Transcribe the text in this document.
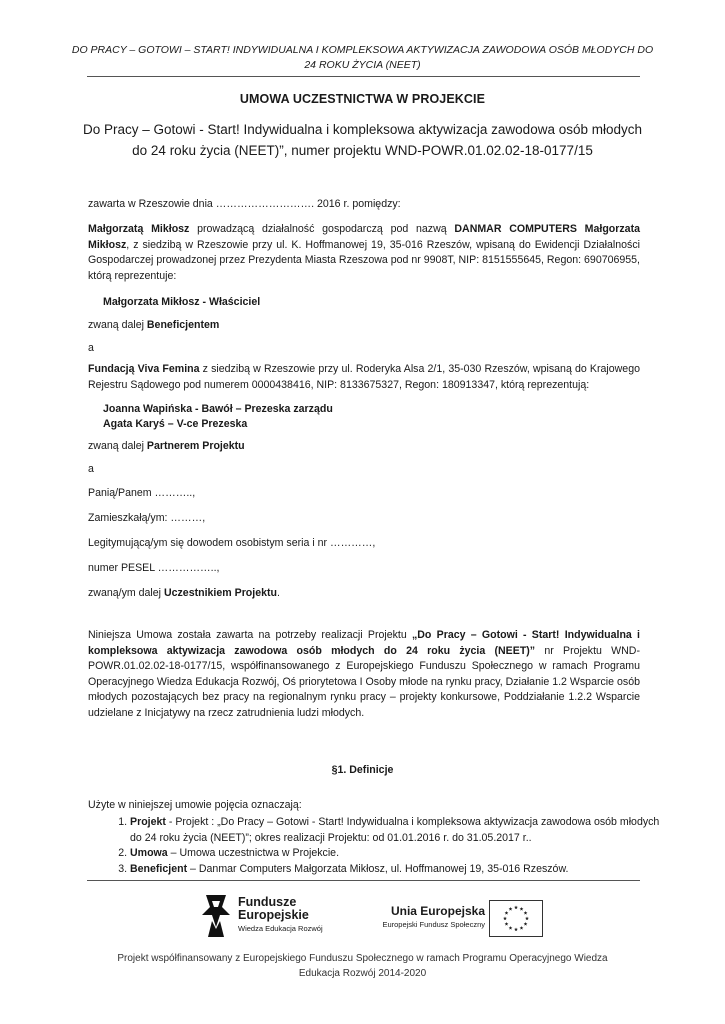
DO PRACY – GOTOWI – START! INDYWIDUALNA I KOMPLEKSOWA AKTYWIZACJA ZAWODOWA OSÓB MŁODYCH DO
24 ROKU ŻYCIA (NEET)
UMOWA UCZESTNICTWA W PROJEKCIE
Do Pracy – Gotowi - Start! Indywidualna i kompleksowa aktywizacja zawodowa osób młodych
do 24 roku życia (NEET)”, numer projektu WND-POWR.01.02.02-18-0177/15
zawarta w Rzeszowie dnia ………………………. 2016 r. pomiędzy:
Małgorzatą Mikłosz prowadzącą działalność gospodarczą pod nazwą DANMAR COMPUTERS Małgorzata Mikłosz, z siedzibą w Rzeszowie przy ul. K. Hoffmanowej 19, 35-016 Rzeszów, wpisaną do Ewidencji Działalności Gospodarczej prowadzonej przez Prezydenta Miasta Rzeszowa pod nr 9908T, NIP: 8151555645, Regon: 690706955, którą reprezentuje:
Małgorzata Mikłosz - Właściciel
zwaną dalej Beneficjentem
a
Fundacją Viva Femina z siedzibą w Rzeszowie przy ul. Roderyka Alsa 2/1, 35-030 Rzeszów, wpisaną do Krajowego Rejestru Sądowego pod numerem 0000438416, NIP: 8133675327, Regon: 180913347, którą reprezentują:
Joanna Wapińska - Bawół – Prezeska zarządu
Agata Karyś – V-ce Prezeska
zwaną dalej Partnerem Projektu
a
Panią/Panem ………..,
Zamieszkałą/ym: ………,
Legitymującą/ym się dowodem osobistym seria i nr …………,
numer PESEL ……………..,
zwaną/ym dalej Uczestnikiem Projektu.
Niniejsza Umowa została zawarta na potrzeby realizacji Projektu „Do Pracy – Gotowi - Start! Indywidualna i kompleksowa aktywizacja zawodowa osób młodych do 24 roku życia (NEET)” nr Projektu WND-POWR.01.02.02-18-0177/15, współfinansowanego z Europejskiego Funduszu Społecznego w ramach Programu Operacyjnego Wiedza Edukacja Rozwój, Oś priorytetowa I Osoby młode na rynku pracy, Działanie 1.2 Wsparcie osób młodych pozostających bez pracy na regionalnym rynku pracy – projekty konkursowe, Poddziałanie 1.2.2 Wsparcie udzielane z Inicjatywy na rzecz zatrudnienia ludzi młodych.
§1. Definicje
Użyte w niniejszej umowie pojęcia oznaczają:
1. Projekt - Projekt : „Do Pracy – Gotowi - Start! Indywidualna i kompleksowa aktywizacja zawodowa osób młodych do 24 roku życia (NEET)”; okres realizacji Projektu: od 01.01.2016 r. do 31.05.2017 r..
2. Umowa – Umowa uczestnictwa w Projekcie.
3. Beneficjent – Danmar Computers Małgorzata Mikłosz, ul. Hoffmanowej 19, 35-016 Rzeszów.
Fundusze
Europejskie
Wiedza Edukacja Rozwój
Unia Europejska
Europejski Fundusz Społeczny
Projekt współfinansowany z Europejskiego Funduszu Społecznego w ramach Programu Operacyjnego Wiedza
Edukacja Rozwój 2014-2020
